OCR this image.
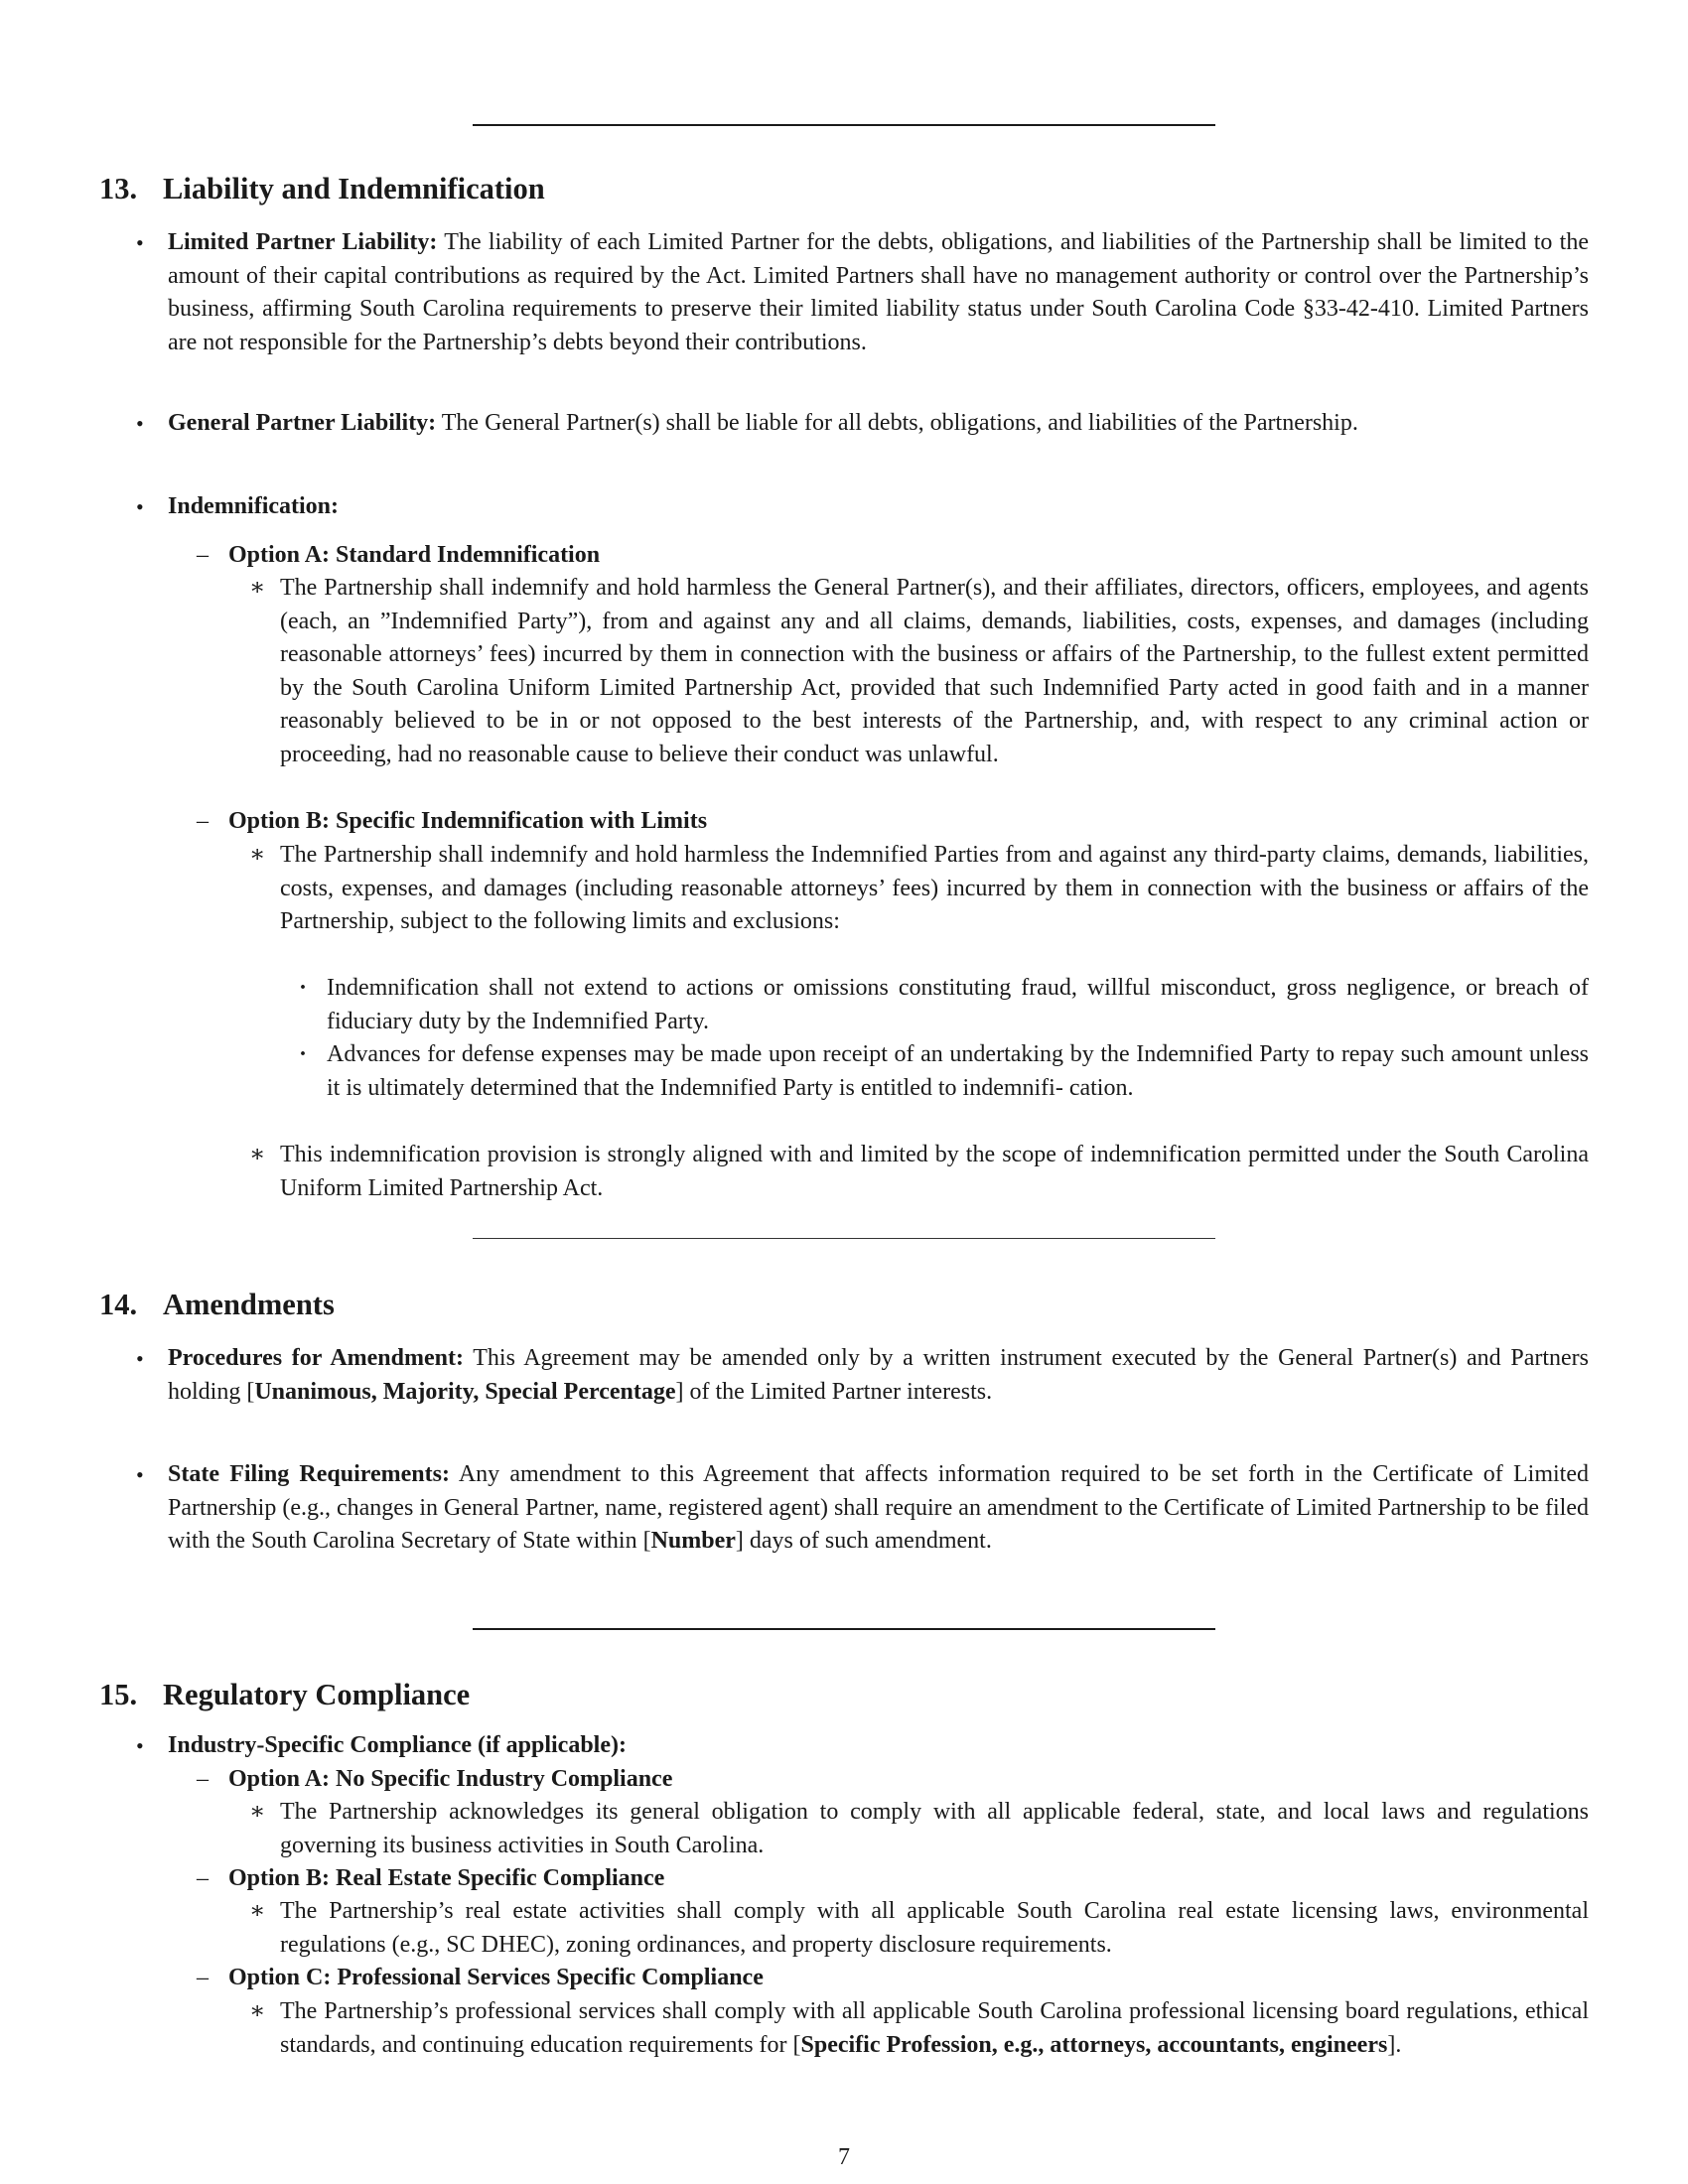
13. Liability and Indemnification
• Limited Partner Liability: The liability of each Limited Partner for the debts, obligations, and liabilities of the Partnership shall be limited to the amount of their capital contributions as required by the Act. Limited Partners shall have no management authority or control over the Partnership’s business, affirming South Carolina requirements to preserve their limited liability status under South Carolina Code §33-42-410. Limited Partners are not responsible for the Partnership’s debts beyond their contributions.

• General Partner Liability: The General Partner(s) shall be liable for all debts, obligations, and liabilities of the Partnership.

• Indemnification:

– Option A: Standard Indemnification

∗ The Partnership shall indemnify and hold harmless the General Partner(s), and their affiliates, directors, officers, employees, and agents (each, an ”Indemnified Party”), from and against any and all claims, demands, liabilities, costs, expenses, and damages (including reasonable attorneys’ fees) incurred by them in connection with the business or affairs of the Partnership, to the fullest extent permitted by the South Carolina Uniform Limited Partnership Act, provided that such Indemnified Party acted in good faith and in a manner reasonably believed to be in or not opposed to the best interests of the Partnership, and, with respect to any criminal action or proceeding, had no reasonable cause to believe their conduct was unlawful.

– Option B: Specific Indemnification with Limits

∗ The Partnership shall indemnify and hold harmless the Indemnified Parties from and against any third-party claims, demands, liabilities, costs, expenses, and damages (including reasonable attorneys’ fees) incurred by them in connection with the business or affairs of the Partnership, subject to the following limits and exclusions:

· Indemnification shall not extend to actions or omissions constituting fraud, willful misconduct, gross negligence, or breach of fiduciary duty by the Indemnified Party.

· Advances for defense expenses may be made upon receipt of an undertaking by the Indemnified Party to repay such amount unless it is ultimately determined that the Indemnified Party is entitled to indemnifi- cation.

∗ This indemnification provision is strongly aligned with and limited by the scope of indemnification permitted under the South Carolina Uniform Limited Partnership Act.

14. Amendments
• Procedures for Amendment: This Agreement may be amended only by a written instrument executed by the General Partner(s) and Partners holding [Unanimous, Majority, Special Percentage] of the Limited Partner interests.

• State Filing Requirements: Any amendment to this Agreement that affects information required to be set forth in the Certificate of Limited Partnership (e.g., changes in General Partner, name, registered agent) shall require an amendment to the Certificate of Limited Partnership to be filed with the South Carolina Secretary of State within [Number] days of such amendment.

15. Regulatory Compliance
• Industry-Specific Compliance (if applicable):

– Option A: No Specific Industry Compliance

∗ The Partnership acknowledges its general obligation to comply with all applicable federal, state, and local laws and regulations governing its business activities in South Carolina.

– Option B: Real Estate Specific Compliance

∗ The Partnership’s real estate activities shall comply with all applicable South Carolina real estate licensing laws, environmental regulations (e.g., SC DHEC), zoning ordinances, and property disclosure requirements.

– Option C: Professional Services Specific Compliance

∗ The Partnership’s professional services shall comply with all applicable South Carolina professional licensing board regulations, ethical standards, and continuing education requirements for [Specific Profession, e.g., attorneys, accountants, engineers].

7
